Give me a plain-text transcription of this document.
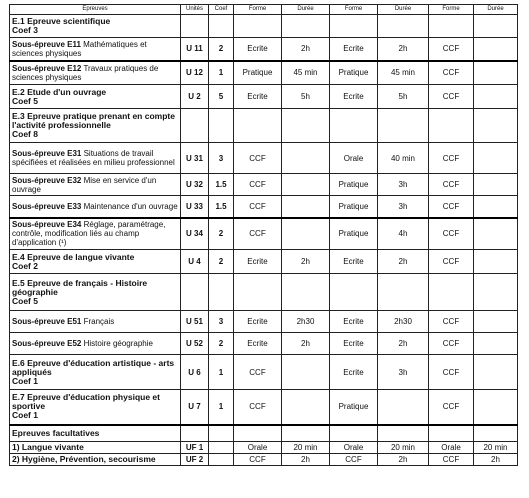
Epreuves	Unités	Coef	Forme	Durée	Forme	Durée	Forme	Durée
E.1 Epreuve scientifique
Coef 3								
Sous-épreuve E11 Mathématiques et sciences physiques	U 11	2	Ecrite	2h	Ecrite	2h	CCF	
Sous-épreuve E12 Travaux pratiques de sciences physiques	U 12	1	Pratique	45 min	Pratique	45 min	CCF	
E.2 Etude d'un ouvrage
Coef 5	U 2	5	Ecrite	5h	Ecrite	5h	CCF	
E.3 Epreuve pratique prenant en compte l'activité professionnelle
Coef 8								
Sous-épreuve E31 Situations de travail spécifiées et réalisées en milieu professionnel	U 31	3	CCF		Orale	40 min	CCF	
Sous-épreuve E32 Mise en service d'un ouvrage	U 32	1.5	CCF		Pratique	3h	CCF	
Sous-épreuve E33 Maintenance d'un ouvrage	U 33	1.5	CCF		Pratique	3h	CCF	
Sous-épreuve E34 Réglage, paramétrage, contrôle, modification liés au champ d'application (¹)	U 34	2	CCF		Pratique	4h	CCF	
E.4 Epreuve de langue vivante
Coef 2	U 4	2	Ecrite	2h	Ecrite	2h	CCF	
E.5 Epreuve de français - Histoire géographie
Coef 5								
Sous-épreuve E51 Français	U 51	3	Ecrite	2h30	Ecrite	2h30	CCF	
Sous-épreuve E52 Histoire géographie	U 52	2	Ecrite	2h	Ecrite	2h	CCF	
E.6 Epreuve d'éducation artistique - arts appliqués
Coef 1	U 6	1	CCF		Ecrite	3h	CCF	
E.7 Epreuve d'éducation physique et sportive
Coef 1	U 7	1	CCF		Pratique		CCF	
Epreuves facultatives								
1) Langue vivante	UF 1		Orale	20 min	Orale	20 min	Orale	20 min
2) Hygiène, Prévention, secourisme	UF 2		CCF	2h	CCF	2h	CCF	2h
